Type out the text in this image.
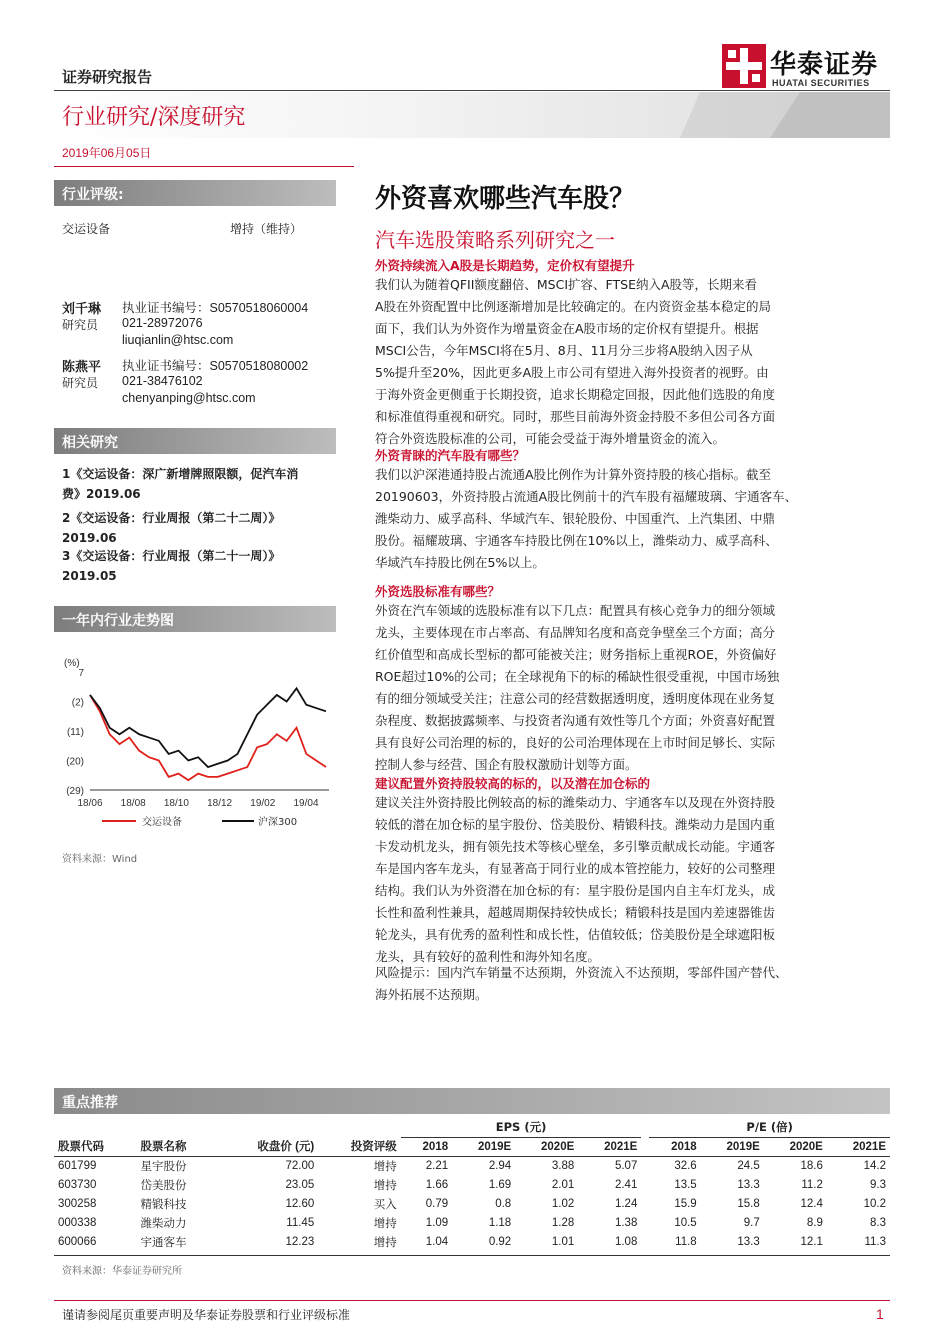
证券研究报告	华泰证券
HUATAI SECURITIES
行业研究/深度研究
2019年06月05日
行业评级:
交运设备	增持（维持）
刘千琳
研究员
执业证书编号：S0570518060004
021-28972076
liuqianlin@htsc.com
陈燕平
研究员
执业证书编号：S0570518080002
021-38476102
chenyanping@htsc.com
相关研究
1《交运设备：深广新增牌照限额，促汽车消
费》2019.06
2《交运设备：行业周报（第二十二周）》
2019.06
3《交运设备：行业周报（第二十一周）》
2019.05
一年内行业走势图
(%)
7
(2)
(11)
(20)
(29)
18/06 18/08 18/10 18/12 19/02 19/04
交运设备	沪深300
资料来源：Wind
外资喜欢哪些汽车股？
汽车选股策略系列研究之一
外资持续流入A股是长期趋势，定价权有望提升
我们认为随着QFII额度翻倍、MSCI扩容、FTSE纳入A股等，长期来看
A股在外资配置中比例逐渐增加是比较确定的。在内资资金基本稳定的局
面下，我们认为外资作为增量资金在A股市场的定价权有望提升。根据
MSCI公告，今年MSCI将在5月、8月、11月分三步将A股纳入因子从
5%提升至20%，因此更多A股上市公司有望进入海外投资者的视野。由
于海外资金更侧重于长期投资，追求长期稳定回报，因此他们选股的角度
和标准值得重视和研究。同时，那些目前海外资金持股不多但公司各方面
符合外资选股标准的公司，可能会受益于海外增量资金的流入。
外资青睐的汽车股有哪些？
我们以沪深港通持股占流通A股比例作为计算外资持股的核心指标。截至
20190603，外资持股占流通A股比例前十的汽车股有福耀玻璃、宇通客车、
潍柴动力、威孚高科、华域汽车、银轮股份、中国重汽、上汽集团、中鼎
股份。福耀玻璃、宇通客车持股比例在10%以上，潍柴动力、威孚高科、
华域汽车持股比例在5%以上。
外资选股标准有哪些？
外资在汽车领域的选股标准有以下几点：配置具有核心竞争力的细分领域
龙头，主要体现在市占率高、有品牌知名度和高竞争壁垒三个方面；高分
红价值型和高成长型标的都可能被关注；财务指标上重视ROE，外资偏好
ROE超过10%的公司；在全球视角下的标的稀缺性很受重视，中国市场独
有的细分领域受关注；注意公司的经营数据透明度，透明度体现在业务复
杂程度、数据披露频率、与投资者沟通有效性等几个方面；外资喜好配置
具有良好公司治理的标的，良好的公司治理体现在上市时间足够长、实际
控制人参与经营、国企有股权激励计划等方面。
建议配置外资持股较高的标的，以及潜在加仓标的
建议关注外资持股比例较高的标的潍柴动力、宇通客车以及现在外资持股
较低的潜在加仓标的星宇股份、岱美股份、精锻科技。潍柴动力是国内重
卡发动机龙头，拥有领先技术等核心壁垒，多引擎贡献成长动能。宇通客
车是国内客车龙头，有显著高于同行业的成本管控能力，较好的公司整理
结构。我们认为外资潜在加仓标的有：星宇股份是国内自主车灯龙头，成
长性和盈利性兼具，超越周期保持较快成长；精锻科技是国内差速器锥齿
轮龙头，具有优秀的盈利性和成长性，估值较低；岱美股份是全球遮阳板
龙头，具有较好的盈利性和海外知名度。
风险提示：国内汽车销量不达预期，外资流入不达预期，零部件国产替代、
海外拓展不达预期。
重点推荐
				EPS (元)					P/E (倍)			
股票代码	股票名称	收盘价 (元)	投资评级	2018	2019E	2020E	2021E		2018	2019E	2020E	2021E
601799	星宇股份	72.00	增持	2.21	2.94	3.88	5.07		32.6	24.5	18.6	14.2
603730	岱美股份	23.05	增持	1.66	1.69	2.01	2.41		13.5	13.3	11.2	9.3
300258	精锻科技	12.60	买入	0.79	0.8	1.02	1.24		15.9	15.8	12.4	10.2
000338	潍柴动力	11.45	增持	1.09	1.18	1.28	1.38		10.5	9.7	8.9	8.3
600066	宇通客车	12.23	增持	1.04	0.92	1.01	1.08		11.8	13.3	12.1	11.3
资料来源：华泰证券研究所
谨请参阅尾页重要声明及华泰证券股票和行业评级标准	1
